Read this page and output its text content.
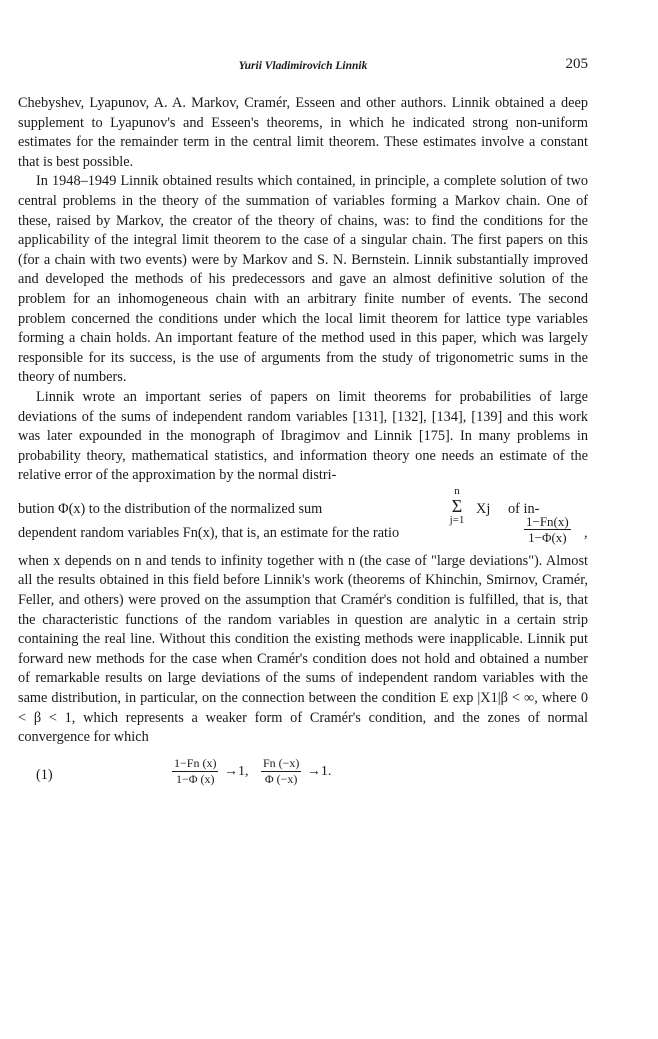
Yurii Vladimirovich Linnik	205

Chebyshev, Lyapunov, A. A. Markov, Cramér, Esseen and other authors. Linnik obtained a deep supplement to Lyapunov's and Esseen's theorems, in which he indicated strong non-uniform estimates for the remainder term in the central limit theorem. These estimates involve a constant that is best possible.

In 1948–1949 Linnik obtained results which contained, in principle, a complete solution of two central problems in the theory of the summation of variables forming a Markov chain. One of these, raised by Markov, the creator of the theory of chains, was: to find the conditions for the applicability of the integral limit theorem to the case of a singular chain. The first papers on this (for a chain with two events) were by Markov and S. N. Bernstein. Linnik substantially improved and developed the methods of his predecessors and gave an almost definitive solution of the problem for an inhomogeneous chain with an arbitrary finite number of events. The second problem concerned the conditions under which the local limit theorem for lattice type variables forming a chain holds. An important feature of the method used in this paper, which was largely responsible for its success, is the use of arguments from the study of trigonometric sums in the theory of numbers.

Linnik wrote an important series of papers on limit theorems for probabilities of large deviations of the sums of independent random variables [131], [132], [134], [139] and this work was later expounded in the monograph of Ibragimov and Linnik [175]. In many problems in probability theory, mathematical statistics, and information theory one needs an estimate of the relative error of the approximation by the normal distri-

bution Φ(x) to the distribution of the normalized sum
n
Σ
j=1
Xj of in-
dependent random variables Fn(x), that is, an estimate for the ratio	$\frac{1-Fn(x)}{1-\Phi(x)}$ ,

when x depends on n and tends to infinity together with n (the case of "large deviations"). Almost all the results obtained in this field before Linnik's work (theorems of Khinchin, Smirnov, Cramér, Feller, and others) were proved on the assumption that Cramér's condition is fulfilled, that is, that the characteristic functions of the random variables in question are analytic in a certain strip containing the real line. Without this condition the existing methods were inapplicable. Linnik put forward new methods for the case when Cramér's condition does not hold and obtained a number of remarkable results on large deviations of the sums of independent random variables with the same distribution, in particular, on the connection between the condition E exp |X1|β < ∞, where 0 < β < 1, which represents a weaker form of Cramér's condition, and the zones of normal convergence for which

(1)	$\frac{1-Fn (x)}{1-\Phi (x)} \to 1$, $\frac{Fn (-x)}{\Phi (-x)} \to 1$.
